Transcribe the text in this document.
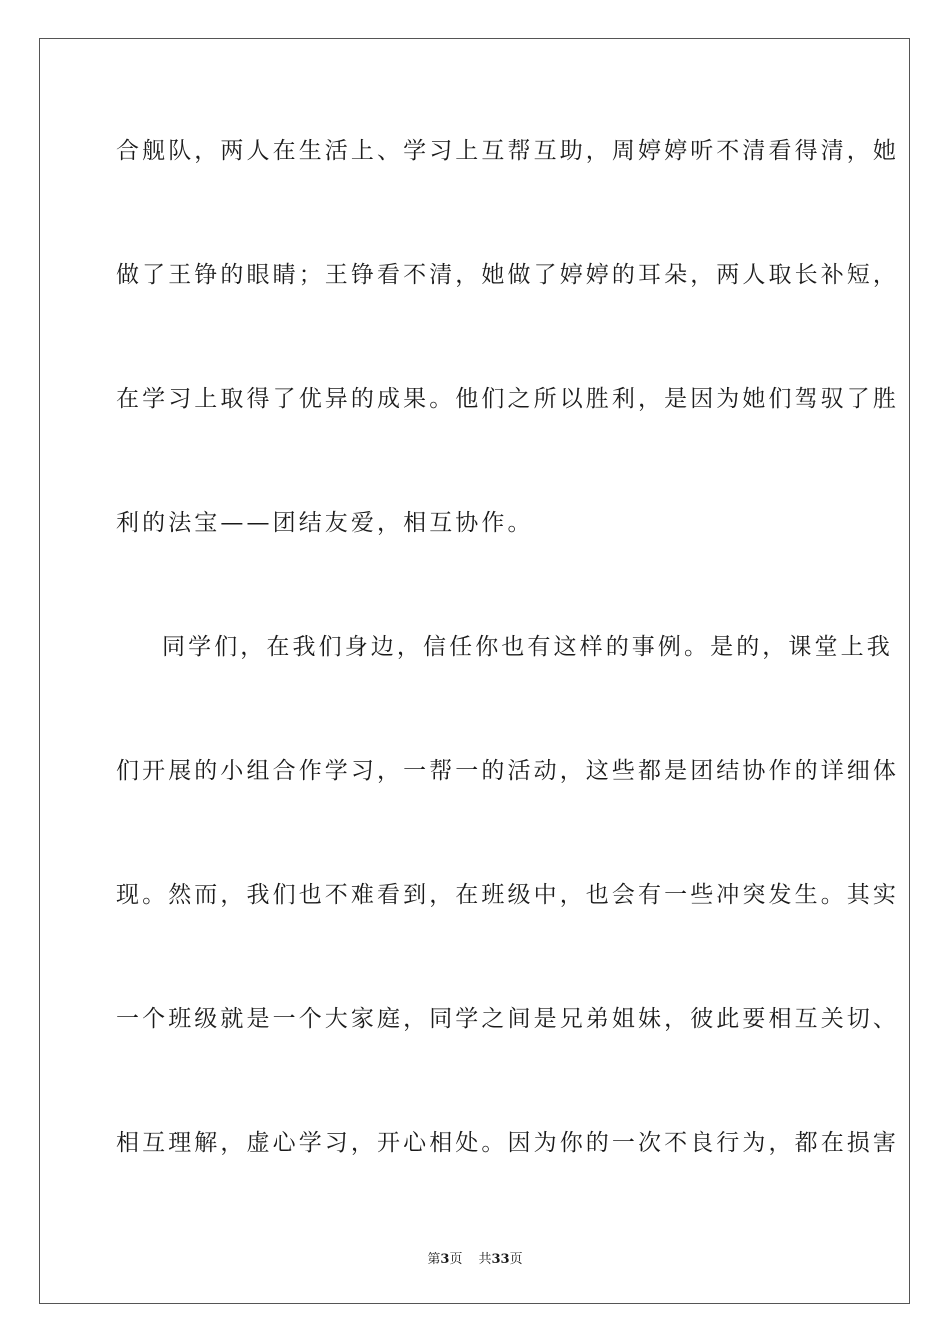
合舰队，两人在生活上、学习上互帮互助，周婷婷听不清看得清，她
做了王铮的眼睛；王铮看不清，她做了婷婷的耳朵，两人取长补短，
在学习上取得了优异的成果。他们之所以胜利，是因为她们驾驭了胜
利的法宝——团结友爱，相互协作。
同学们，在我们身边，信任你也有这样的事例。是的，课堂上我
们开展的小组合作学习，一帮一的活动，这些都是团结协作的详细体
现。然而，我们也不难看到，在班级中，也会有一些冲突发生。其实
一个班级就是一个大家庭，同学之间是兄弟姐妹，彼此要相互关切、
相互理解，虚心学习，开心相处。因为你的一次不良行为，都在损害
第3页 共33页
